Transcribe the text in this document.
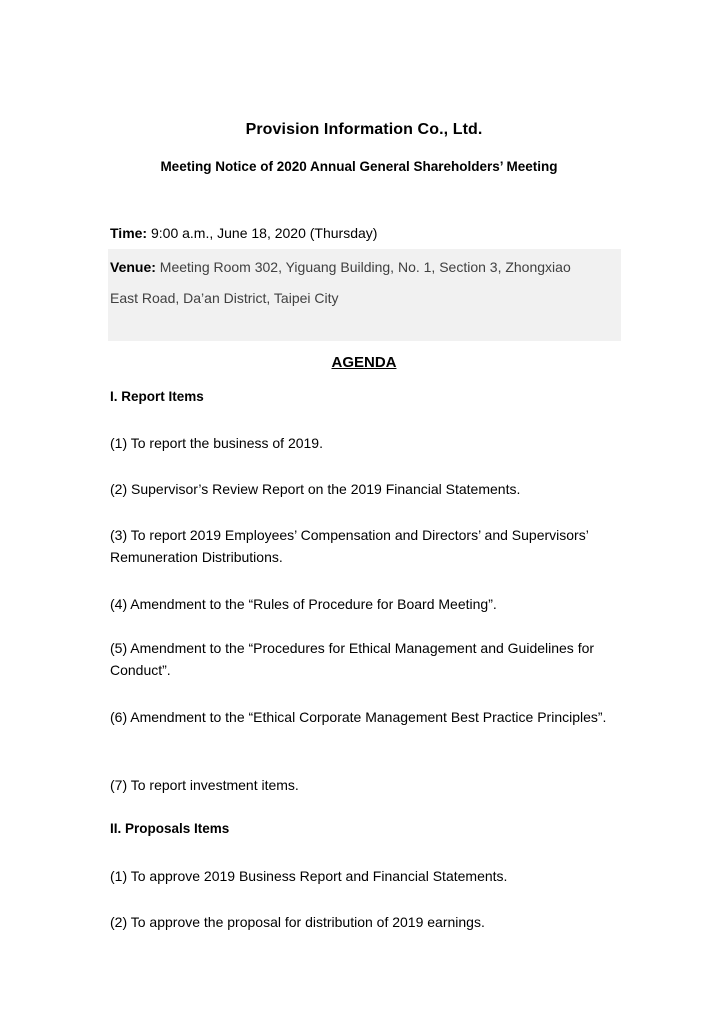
Provision Information Co., Ltd.
Meeting Notice of 2020 Annual General Shareholders’ Meeting
Time: 9:00 a.m., June 18, 2020 (Thursday)
Venue: Meeting Room 302, Yiguang Building, No. 1, Section 3, Zhongxiao
East Road, Da’an District, Taipei City
AGENDA
I. Report Items
(1) To report the business of 2019.
(2) Supervisor’s Review Report on the 2019 Financial Statements.
(3) To report 2019 Employees’ Compensation and Directors’ and Supervisors’ Remuneration Distributions.
(4) Amendment to the “Rules of Procedure for Board Meeting”.
(5) Amendment to the “Procedures for Ethical Management and Guidelines for Conduct”.
(6) Amendment to the “Ethical Corporate Management Best Practice Principles”.
(7) To report investment items.
II. Proposals Items
(1) To approve 2019 Business Report and Financial Statements.
(2) To approve the proposal for distribution of 2019 earnings.
